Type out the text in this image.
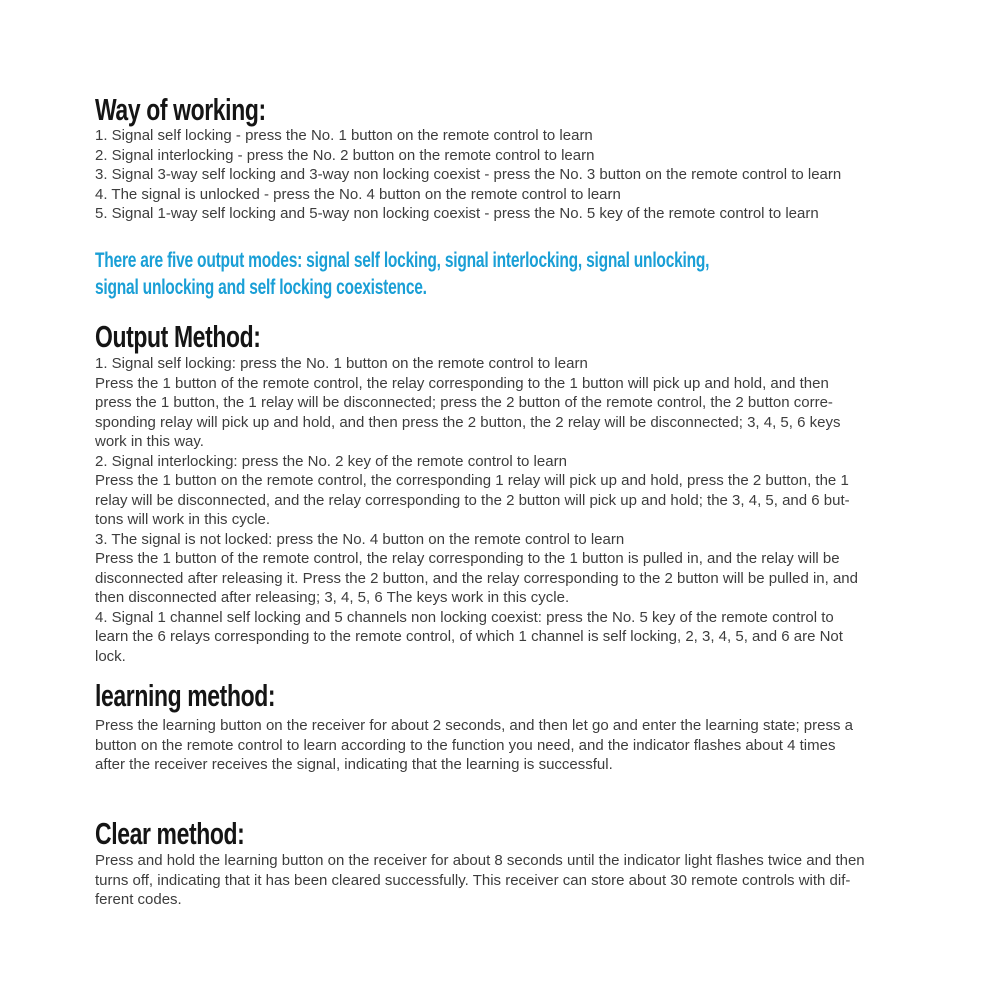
Way of working:
1. Signal self locking - press the No. 1 button on the remote control to learn
2. Signal interlocking - press the No. 2 button on the remote control to learn
3. Signal 3-way self locking and 3-way non locking coexist - press the No. 3 button on the remote control to learn
4. The signal is unlocked - press the No. 4 button on the remote control to learn
5. Signal 1-way self locking and 5-way non locking coexist - press the No. 5 key of the remote control to learn
There are five output modes: signal self locking, signal interlocking, signal unlocking,
signal unlocking and self locking coexistence.
Output Method:
1. Signal self locking: press the No. 1 button on the remote control to learn
Press the 1 button of the remote control, the relay corresponding to the 1 button will pick up and hold, and then
press the 1 button, the 1 relay will be disconnected; press the 2 button of the remote control, the 2 button corre-
sponding relay will pick up and hold, and then press the 2 button, the 2 relay will be disconnected; 3, 4, 5, 6 keys
work in this way.
2. Signal interlocking: press the No. 2 key of the remote control to learn
Press the 1 button on the remote control, the corresponding 1 relay will pick up and hold, press the 2 button, the 1
relay will be disconnected, and the relay corresponding to the 2 button will pick up and hold; the 3, 4, 5, and 6 but-
tons will work in this cycle.
3. The signal is not locked: press the No. 4 button on the remote control to learn
Press the 1 button of the remote control, the relay corresponding to the 1 button is pulled in, and the relay will be
disconnected after releasing it. Press the 2 button, and the relay corresponding to the 2 button will be pulled in, and
then disconnected after releasing; 3, 4, 5, 6 The keys work in this cycle.
4. Signal 1 channel self locking and 5 channels non locking coexist: press the No. 5 key of the remote control to
learn the 6 relays corresponding to the remote control, of which 1 channel is self locking, 2, 3, 4, 5, and 6 are Not
lock.
learning method:
Press the learning button on the receiver for about 2 seconds, and then let go and enter the learning state; press a
button on the remote control to learn according to the function you need, and the indicator flashes about 4 times
after the receiver receives the signal, indicating that the learning is successful.
Clear method:
Press and hold the learning button on the receiver for about 8 seconds until the indicator light flashes twice and then
turns off, indicating that it has been cleared successfully. This receiver can store about 30 remote controls with dif-
ferent codes.
